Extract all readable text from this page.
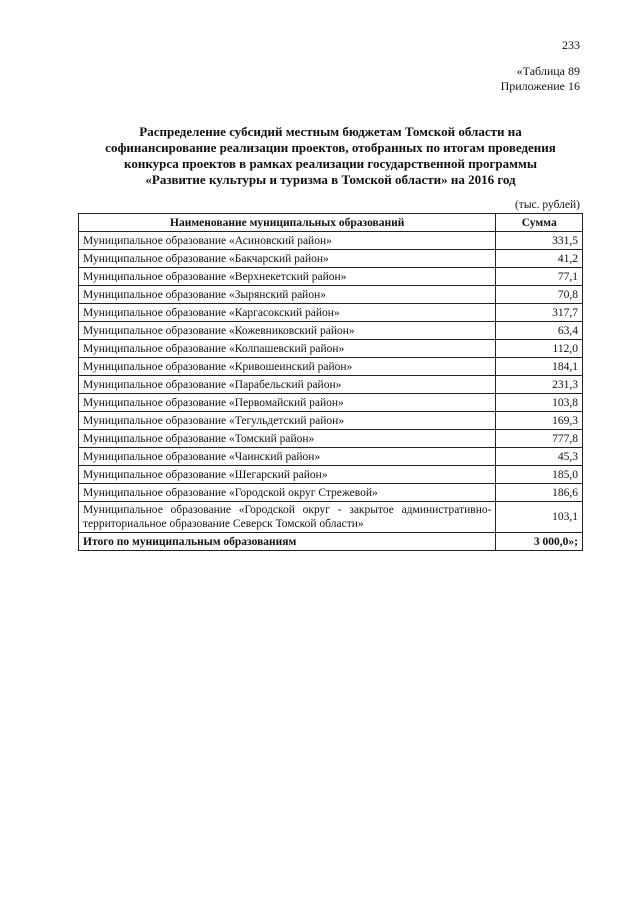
233
«Таблица 89
Приложение 16
Распределение субсидий местным бюджетам Томской области на
софинансирование реализации проектов, отобранных по итогам проведения
конкурса проектов в рамках реализации государственной программы
«Развитие культуры и туризма в Томской области» на 2016 год
(тыс. рублей)
Наименование муниципальных образований	Сумма
Муниципальное образование «Асиновский район»	331,5
Муниципальное образование «Бакчарский район»	41,2
Муниципальное образование «Верхнекетский район»	77,1
Муниципальное образование «Зырянский район»	70,8
Муниципальное образование «Каргасокский район»	317,7
Муниципальное образование «Кожевниковский район»	63,4
Муниципальное образование «Колпашевский район»	112,0
Муниципальное образование «Кривошеинский район»	184,1
Муниципальное образование «Парабельский район»	231,3
Муниципальное образование «Первомайский район»	103,8
Муниципальное образование «Тегульдетский район»	169,3
Муниципальное образование «Томский район»	777,8
Муниципальное образование «Чаинский район»	45,3
Муниципальное образование «Шегарский район»	185,0
Муниципальное образование «Городской округ Стрежевой»	186,6
Муниципальное образование «Городской округ - закрытое административно-территориальное образование Северск Томской области»	103,1
Итого по муниципальным образованиям	3 000,0»;
